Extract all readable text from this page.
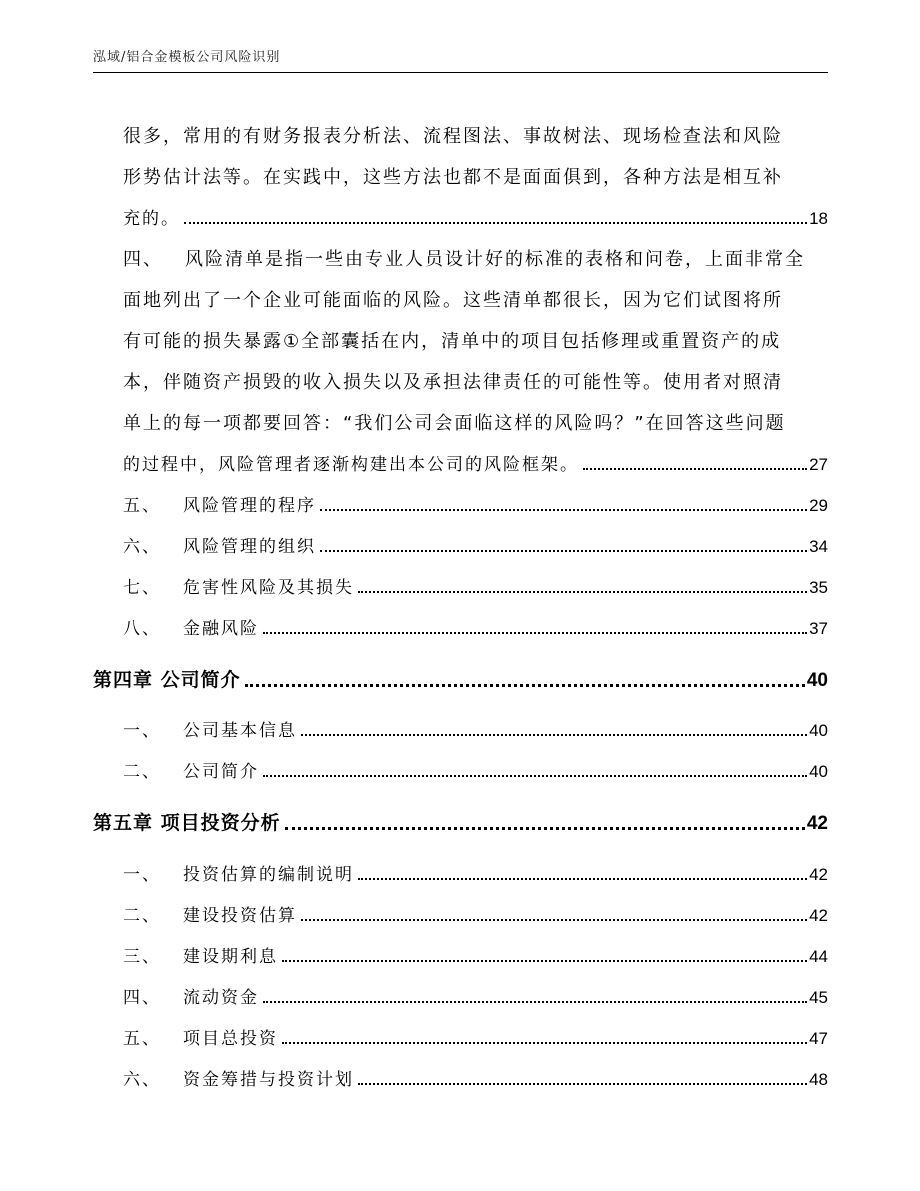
泓域/铝合金模板公司风险识别
很多，常用的有财务报表分析法、流程图法、事故树法、现场检查法和风险
形势估计法等。在实践中，这些方法也都不是面面俱到，各种方法是相互补
充的。	18
四、 风险清单是指一些由专业人员设计好的标准的表格和问卷，上面非常全
面地列出了一个企业可能面临的风险。这些清单都很长，因为它们试图将所
有可能的损失暴露①全部囊括在内，清单中的项目包括修理或重置资产的成
本，伴随资产损毁的收入损失以及承担法律责任的可能性等。使用者对照清
单上的每一项都要回答：“我们公司会面临这样的风险吗？”在回答这些问题
的过程中，风险管理者逐渐构建出本公司的风险框架。	27
五、 风险管理的程序	29
六、 风险管理的组织	34
七、 危害性风险及其损失	35
八、 金融风险	37
第四章 公司简介	40
一、 公司基本信息	40
二、 公司简介	40
第五章 项目投资分析	42
一、 投资估算的编制说明	42
二、 建设投资估算	42
三、 建设期利息	44
四、 流动资金	45
五、 项目总投资	47
六、 资金筹措与投资计划	48
